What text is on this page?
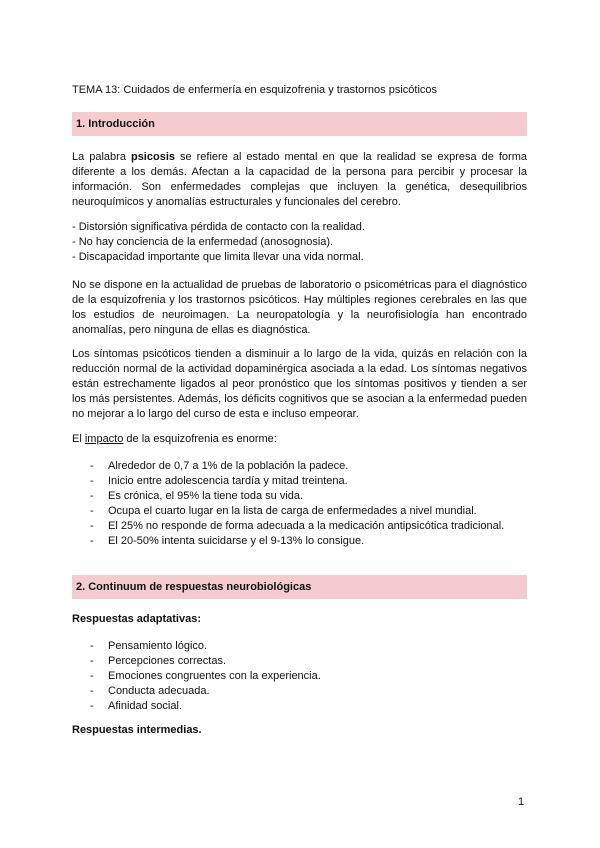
TEMA 13: Cuidados de enfermería en esquizofrenia y trastornos psicóticos
1. Introducción

La palabra psicosis se refiere al estado mental en que la realidad se expresa de forma diferente a los demás. Afectan a la capacidad de la persona para percibir y procesar la información. Son enfermedades complejas que incluyen la genética, desequilibrios neuroquímicos y anomalías estructurales y funcionales del cerebro.

- Distorsión significativa pérdida de contacto con la realidad.
- No hay conciencia de la enfermedad (anosognosia).
- Discapacidad importante que limita llevar una vida normal.

No se dispone en la actualidad de pruebas de laboratorio o psicométricas para el diagnóstico de la esquizofrenia y los trastornos psicóticos. Hay múltiples regiones cerebrales en las que los estudios de neuroimagen. La neuropatología y la neurofisiología han encontrado anomalías, pero ninguna de ellas es diagnóstica.

Los síntomas psicóticos tienden a disminuir a lo largo de la vida, quizás en relación con la reducción normal de la actividad dopaminérgica asociada a la edad. Los síntomas negativos están estrechamente ligados al peor pronóstico que los síntomas positivos y tienden a ser los más persistentes. Además, los déficits cognitivos que se asocian a la enfermedad pueden no mejorar a lo largo del curso de esta e incluso empeorar.

El impacto de la esquizofrenia es enorme:

- Alrededor de 0,7 a 1% de la población la padece.
- Inicio entre adolescencia tardía y mitad treintena.
- Es crónica, el 95% la tiene toda su vida.
- Ocupa el cuarto lugar en la lista de carga de enfermedades a nivel mundial.
- El 25% no responde de forma adecuada a la medicación antipsicótica tradicional.
- El 20-50% intenta suicidarse y el 9-13% lo consigue.
2. Continuum de respuestas neurobiológicas
Respuestas adaptativas:
- Pensamiento lógico.
- Percepciones correctas.
- Emociones congruentes con la experiencia.
- Conducta adecuada.
- Afinidad social.
Respuestas intermedias.
1
